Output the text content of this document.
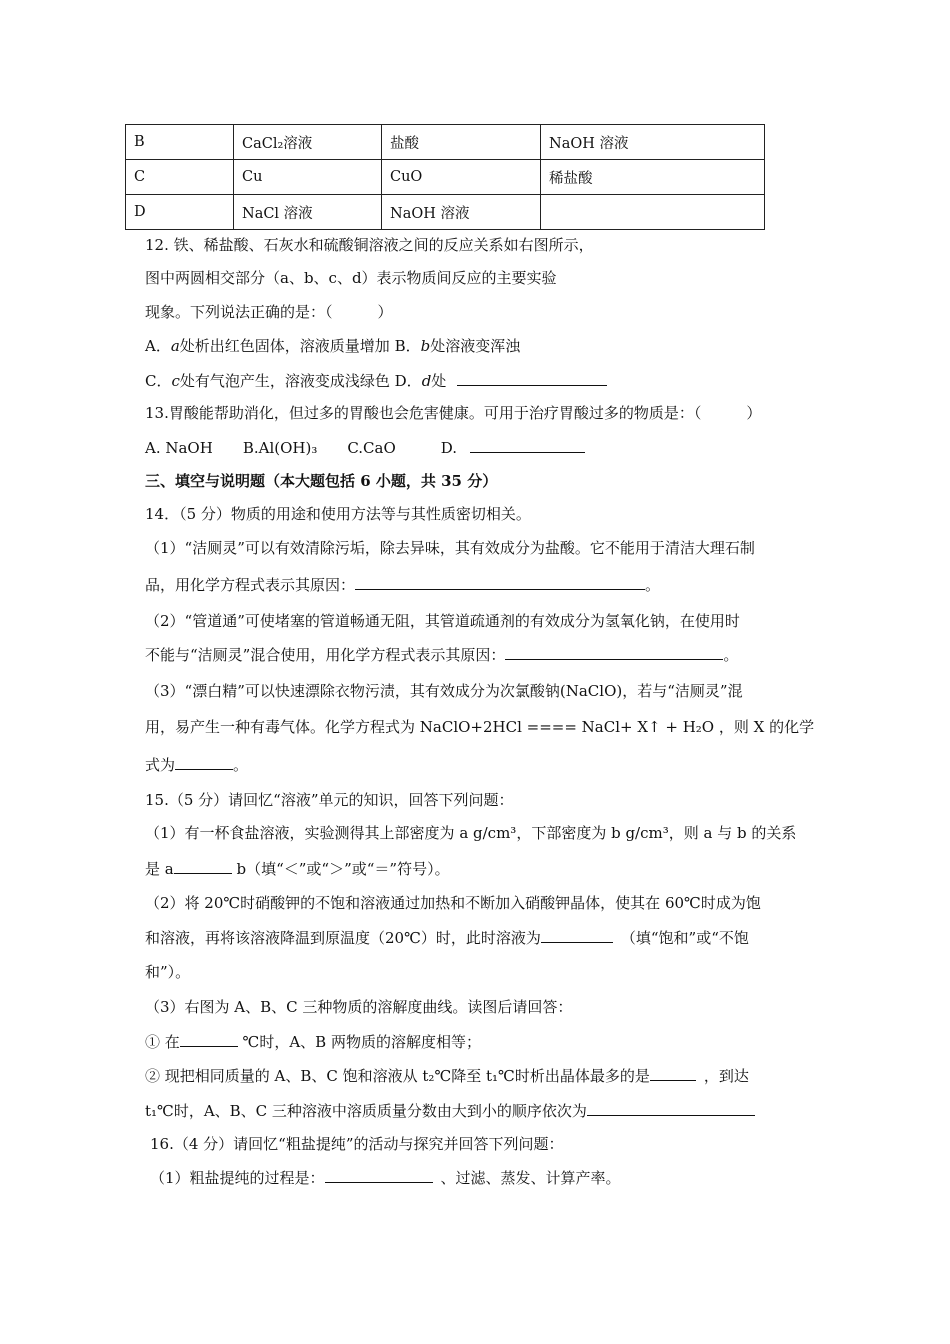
B	CaCl₂溶液	盐酸	NaOH 溶液
C	Cu	CuO	稀盐酸
D	NaCl 溶液	NaOH 溶液	
12. 铁、稀盐酸、石灰水和硫酸铜溶液之间的反应关系如右图所示，
图中两圆相交部分（a、b、c、d）表示物质间反应的主要实验
现象。下列说法正确的是：（　　　）
A．a处析出红色固体，溶液质量增加 B．b处溶液变浑浊
C．c处有气泡产生，溶液变成浅绿色 D．d处
13.胃酸能帮助消化，但过多的胃酸也会危害健康。可用于治疗胃酸过多的物质是：（　　　）
A. NaOH　　B.Al(OH)₃　　C.CaO　　　D.
三、填空与说明题（本大题包括 6 小题，共 35 分）
14．（5 分）物质的用途和使用方法等与其性质密切相关。
（1）“洁厕灵”可以有效清除污垢，除去异味，其有效成分为盐酸。它不能用于清洁大理石制
品，用化学方程式表示其原因：	。
（2）“管道通”可使堵塞的管道畅通无阻，其管道疏通剂的有效成分为氢氧化钠，在使用时
不能与“洁厕灵”混合使用，用化学方程式表示其原因：	。
（3）“漂白精”可以快速漂除衣物污渍，其有效成分为次氯酸钠(NaClO)，若与“洁厕灵”混
用，易产生一种有毒气体。化学方程式为 NaClO+2HCl ==== NaCl+ X↑ + H₂O ，则 X 的化学
式为	。
15.（5 分）请回忆“溶液”单元的知识，回答下列问题：
（1）有一杯食盐溶液，实验测得其上部密度为 a g/cm³，下部密度为 b g/cm³，则 a 与 b 的关系
是 a	b（填“＜”或“＞”或“＝”符号）。
（2）将 20℃时硝酸钾的不饱和溶液通过加热和不断加入硝酸钾晶体，使其在 60℃时成为饱
和溶液，再将该溶液降温到原温度（20℃）时，此时溶液为	（填“饱和”或“不饱
和”）。
（3）右图为 A、B、C 三种物质的溶解度曲线。读图后请回答：
① 在	℃时，A、B 两物质的溶解度相等；
② 现把相同质量的 A、B、C 饱和溶液从 t₂℃降至 t₁℃时析出晶体最多的是	，到达
t₁℃时，A、B、C 三种溶液中溶质质量分数由大到小的顺序依次为
16.（4 分）请回忆“粗盐提纯”的活动与探究并回答下列问题：
（1）粗盐提纯的过程是：	、过滤、蒸发、计算产率。
